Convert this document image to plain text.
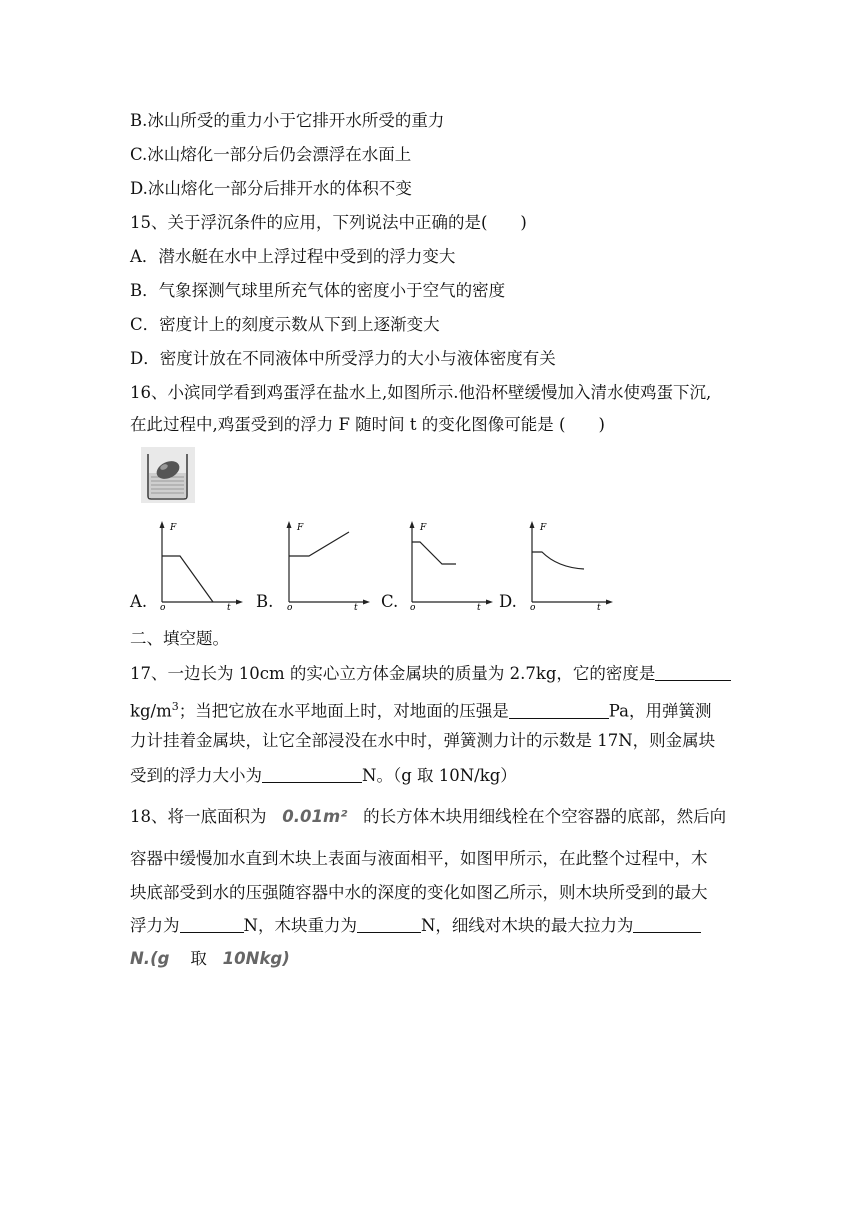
B.冰山所受的重力小于它排开水所受的重力
C.冰山熔化一部分后仍会漂浮在水面上
D.冰山熔化一部分后排开水的体积不变
15、关于浮沉条件的应用，下列说法中正确的是(　　)
A．潜水艇在水中上浮过程中受到的浮力变大
B．气象探测气球里所充气体的密度小于空气的密度
C．密度计上的刻度示数从下到上逐渐变大
D．密度计放在不同液体中所受浮力的大小与液体密度有关
16、小滨同学看到鸡蛋浮在盐水上,如图所示.他沿杯壁缓慢加入清水使鸡蛋下沉,
在此过程中,鸡蛋受到的浮力 F 随时间 t 的变化图像可能是 (　　)
A.
F
o	t B.
F
o	t C.
F
o	t D.
F
o	t
二、填空题。
17、一边长为 10cm 的实心立方体金属块的质量为 2.7kg，它的密度是
$kg/m^3$；当把它放在水平地面上时，对地面的压强是	Pa，用弹簧测
力计挂着金属块，让它全部浸没在水中时，弹簧测力计的示数是 17N，则金属块
受到的浮力大小为	N。（g 取 10N/kg）
18、将一底面积为 0.01m² 的长方体木块用细线栓在个空容器的底部，然后向
容器中缓慢加水直到木块上表面与液面相平，如图甲所示，在此整个过程中，木
块底部受到水的压强随容器中水的深度的变化如图乙所示，则木块所受到的最大
浮力为	N，木块重力为	N，细线对木块的最大拉力为
N.(g 取 10Nkg)
